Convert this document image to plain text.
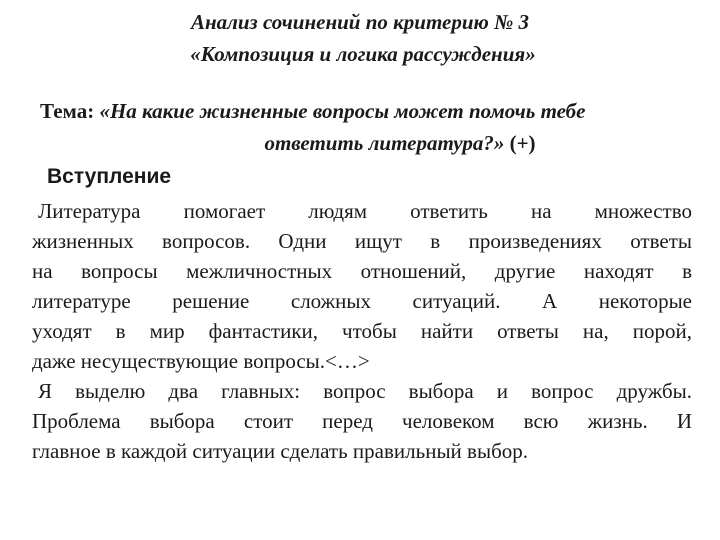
Анализ сочинений по критерию № 3
«Композиция и логика рассуждения»
Тема: «На какие жизненные вопросы может помочь тебе
ответить литература?» (+)
Вступление
Литература помогает людям ответить на множество
жизненных вопросов. Одни ищут в произведениях ответы
на вопросы межличностных отношений, другие находят в
литературе решение сложных ситуаций. А некоторые
уходят в мир фантастики, чтобы найти ответы на, порой,
даже несуществующие вопросы.<…>
Я выделю два главных: вопрос выбора и вопрос дружбы.
Проблема выбора стоит перед человеком всю жизнь. И
главное в каждой ситуации сделать правильный выбор.
